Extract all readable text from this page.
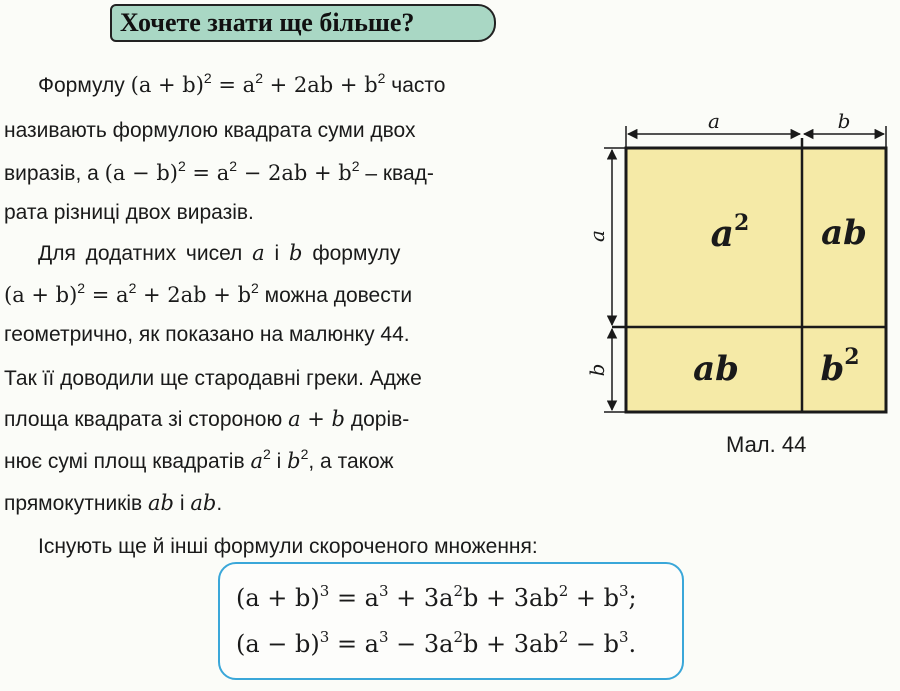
Хочете знати ще більше?

Формулу $(a + b)^2 = a^2 + 2ab + b^2$ часто

називають формулою квадрата суми двох

виразів, а $(a - b)^2 = a^2 - 2ab + b^2$ – квад-

рата різниці двох виразів.

Для додатних чисел a і b формулу

$(a + b)^2 = a^2 + 2ab + b^2$ можна довести

геометрично, як показано на малюнку 44.

Так її доводили ще стародавні греки. Адже

площа квадрата зі стороною a + b дорів-

нює сумі площ квадратів $a^2$ і $b^2$, а також

прямокутників ab і ab.

Існують ще й інші формули скороченого множення:

$(a + b)^3 = a^3 + 3a^2b + 3ab^2 + b^3$;
$(a - b)^3 = a^3 - 3a^2b + 3ab^2 - b^3$.
a	b
a
b
$a^2$ ab
ab $b^2$
Мал. 44
